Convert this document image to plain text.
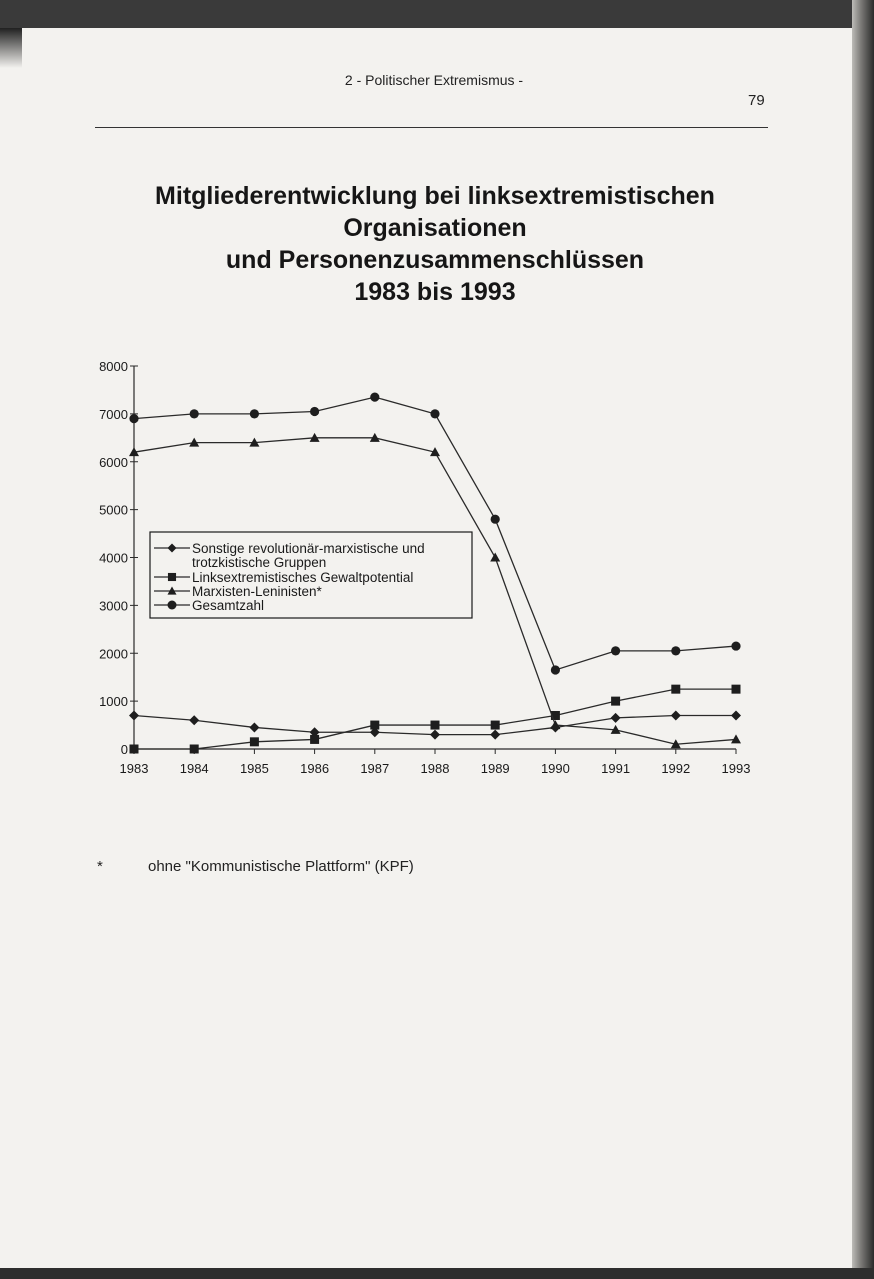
2 - Politischer Extremismus -
79
Mitgliederentwicklung bei linksextremistischen
Organisationen
und Personenzusammenschlüssen
1983 bis 1993
0
1000
2000
3000
4000
5000
6000
7000
8000
1983 1984 1985 1986 1987 1988 1989 1990 1991 1992 1993
Sonstige revolutionär-marxistische und
trotzkistische Gruppen
Linksextremistisches Gewaltpotential
Marxisten-Leninisten*
Gesamtzahl
*	ohne "Kommunistische Plattform" (KPF)
